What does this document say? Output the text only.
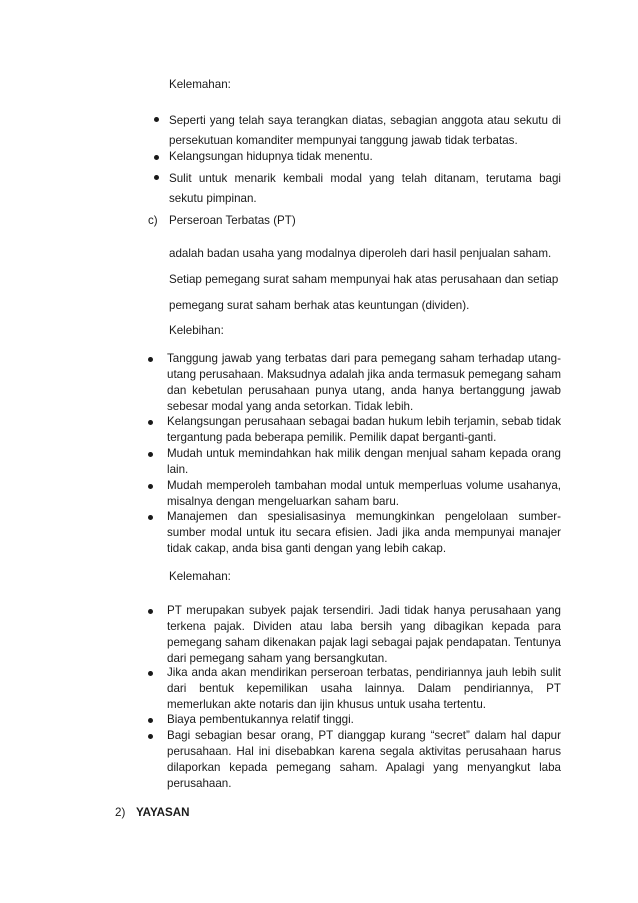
Kelemahan:
Seperti yang telah saya terangkan diatas, sebagian anggota atau sekutu di persekutuan komanditer mempunyai tanggung jawab tidak terbatas.
Kelangsungan hidupnya tidak menentu.
Sulit untuk menarik kembali modal yang telah ditanam, terutama bagi sekutu pimpinan.
c) Perseroan Terbatas (PT)
adalah badan usaha yang modalnya diperoleh dari hasil penjualan saham.
Setiap pemegang surat saham mempunyai hak atas perusahaan dan setiap
pemegang surat saham berhak atas keuntungan (dividen).
Kelebihan:
Tanggung jawab yang terbatas dari para pemegang saham terhadap utang-utang perusahaan. Maksudnya adalah jika anda termasuk pemegang saham dan kebetulan perusahaan punya utang, anda hanya bertanggung jawab sebesar modal yang anda setorkan. Tidak lebih.
Kelangsungan perusahaan sebagai badan hukum lebih terjamin, sebab tidak tergantung pada beberapa pemilik. Pemilik dapat berganti-ganti.
Mudah untuk memindahkan hak milik dengan menjual saham kepada orang lain.
Mudah memperoleh tambahan modal untuk memperluas volume usahanya, misalnya dengan mengeluarkan saham baru.
Manajemen dan spesialisasinya memungkinkan pengelolaan sumber-sumber modal untuk itu secara efisien. Jadi jika anda mempunyai manajer tidak cakap, anda bisa ganti dengan yang lebih cakap.
Kelemahan:
PT merupakan subyek pajak tersendiri. Jadi tidak hanya perusahaan yang terkena pajak. Dividen atau laba bersih yang dibagikan kepada para pemegang saham dikenakan pajak lagi sebagai pajak pendapatan. Tentunya dari pemegang saham yang bersangkutan.
Jika anda akan mendirikan perseroan terbatas, pendiriannya jauh lebih sulit dari bentuk kepemilikan usaha lainnya. Dalam pendiriannya, PT memerlukan akte notaris dan ijin khusus untuk usaha tertentu.
Biaya pembentukannya relatif tinggi.
Bagi sebagian besar orang, PT dianggap kurang “secret” dalam hal dapur perusahaan. Hal ini disebabkan karena segala aktivitas perusahaan harus dilaporkan kepada pemegang saham. Apalagi yang menyangkut laba perusahaan.
2) YAYASAN
